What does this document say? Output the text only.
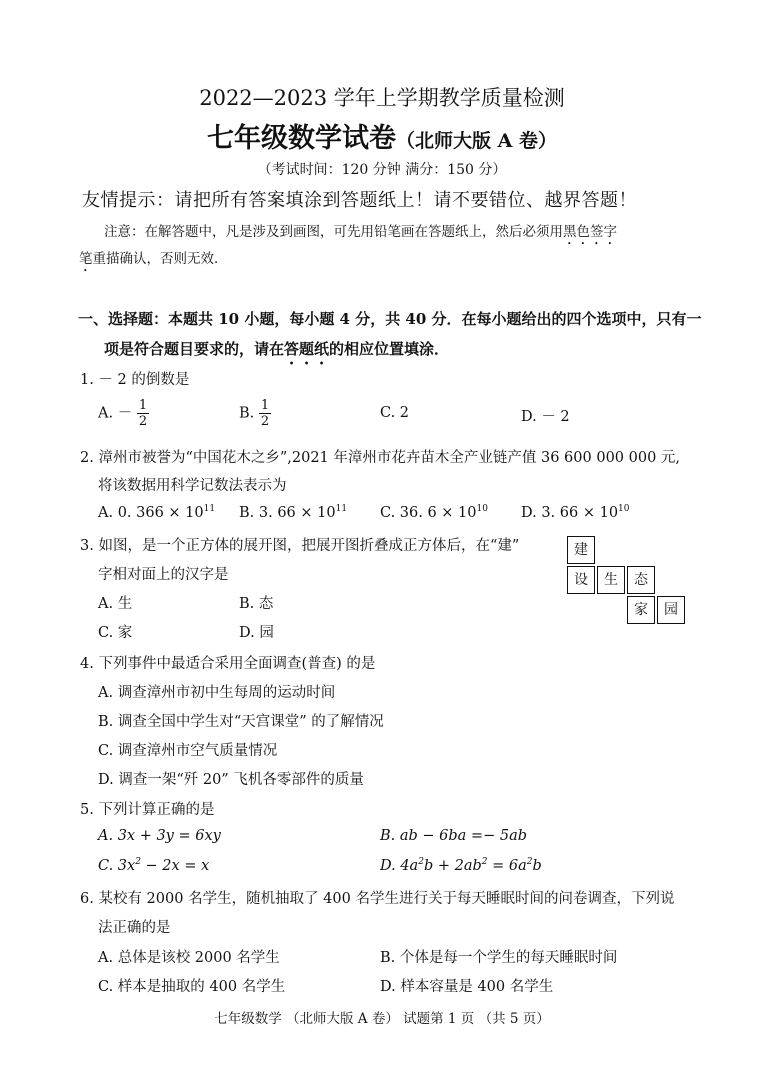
2022—2023 学年上学期教学质量检测
七年级数学试卷（北师大版 A 卷）
（考试时间：120 分钟 满分：150 分）
友情提示：请把所有答案填涂到答题纸上！请不要错位、越界答题！
注意：在解答题中，凡是涉及到画图，可先用铅笔画在答题纸上，然后必须用黑色签字
笔重描确认，否则无效．
一、选择题：本题共 10 小题，每小题 4 分，共 40 分．在每小题给出的四个选项中，只有一
项是符合题目要求的，请在答题纸的相应位置填涂．
1. － 2 的倒数是
A. － $\frac{1}{2}$	B. $\frac{1}{2}$	C. 2	D. － 2
2. 漳州市被誉为“中国花木之乡”,2021 年漳州市花卉苗木全产业链产值 36 600 000 000 元,
将该数据用科学记数法表示为
A. 0. $366 \times 10^{11}$ B. 3. $66 \times 10^{11}$ C. 36. $6 \times 10^{10}$ D. 3. $66 \times 10^{10}$
3. 如图，是一个正方体的展开图，把展开图折叠成正方体后，在“建”
字相对面上的汉字是
A. 生	B. 态
C. 家	D. 园
建
设	生	态
家	园
4. 下列事件中最适合采用全面调查(普查) 的是
A. 调查漳州市初中生每周的运动时间
B. 调查全国中学生对“天宫课堂” 的了解情况
C. 调查漳州市空气质量情况
D. 调查一架“歼 20” 飞机各零部件的质量
5. 下列计算正确的是
A. 3x + 3y = 6xy	B. ab − 6ba =− 5ab
C. $3x^2 - 2x = x$	D. $4a^2b + 2ab^2 = 6a^2b$
6. 某校有 2000 名学生，随机抽取了 400 名学生进行关于每天睡眠时间的问卷调查，下列说
法正确的是
A. 总体是该校 2000 名学生	B. 个体是每一个学生的每天睡眠时间
C. 样本是抽取的 400 名学生	D. 样本容量是 400 名学生
七年级数学 （北师大版 A 卷） 试题第 1 页 （共 5 页）
